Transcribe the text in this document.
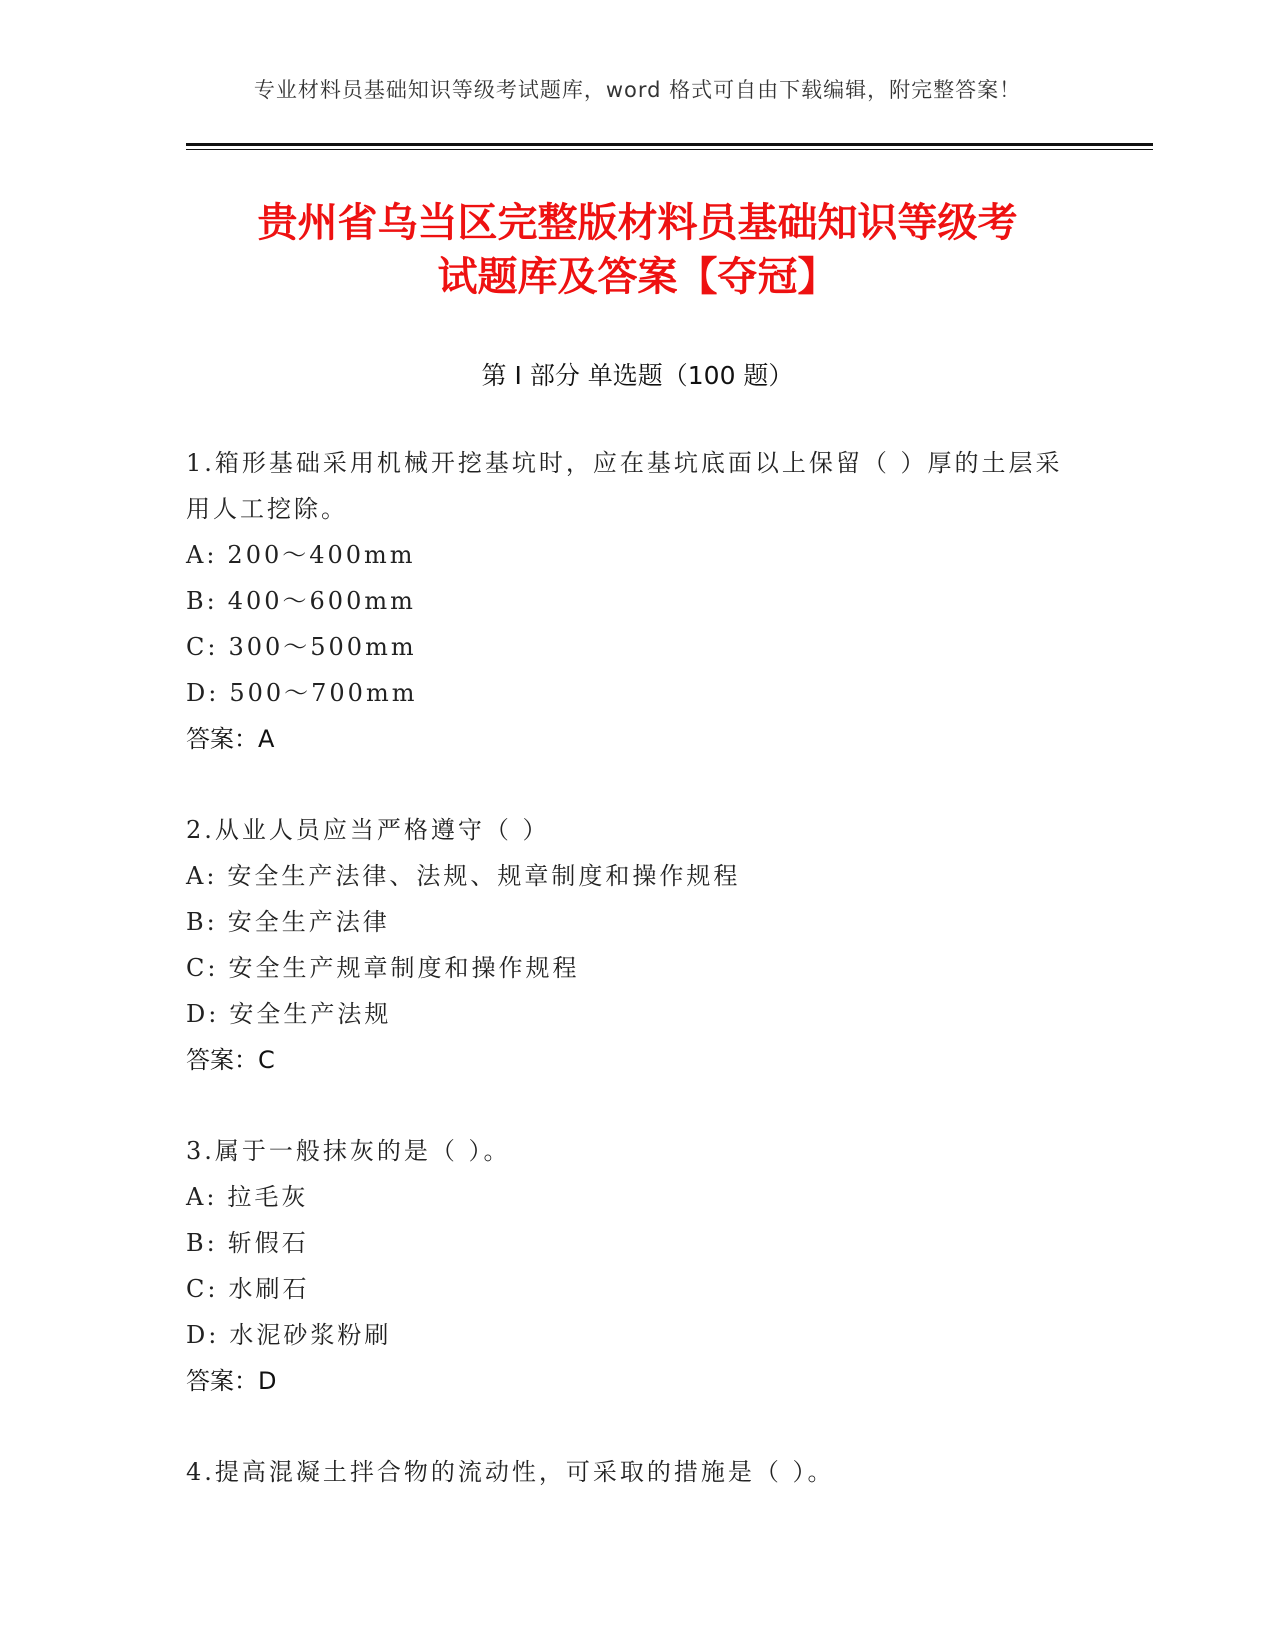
专业材料员基础知识等级考试题库，word 格式可自由下载编辑，附完整答案！
贵州省乌当区完整版材料员基础知识等级考
试题库及答案【夺冠】
第 I 部分 单选题（100 题）
1.箱形基础采用机械开挖基坑时，应在基坑底面以上保留（ ）厚的土层采用人工挖除。
A: 200～400mm
B: 400～600mm
C: 300～500mm
D: 500～700mm
答案：A
2.从业人员应当严格遵守（ ）
A: 安全生产法律、法规、规章制度和操作规程
B: 安全生产法律
C: 安全生产规章制度和操作规程
D: 安全生产法规
答案：C
3.属于一般抹灰的是（ ）。
A: 拉毛灰
B: 斩假石
C: 水刷石
D: 水泥砂浆粉刷
答案：D
4.提高混凝土拌合物的流动性，可采取的措施是（ ）。
